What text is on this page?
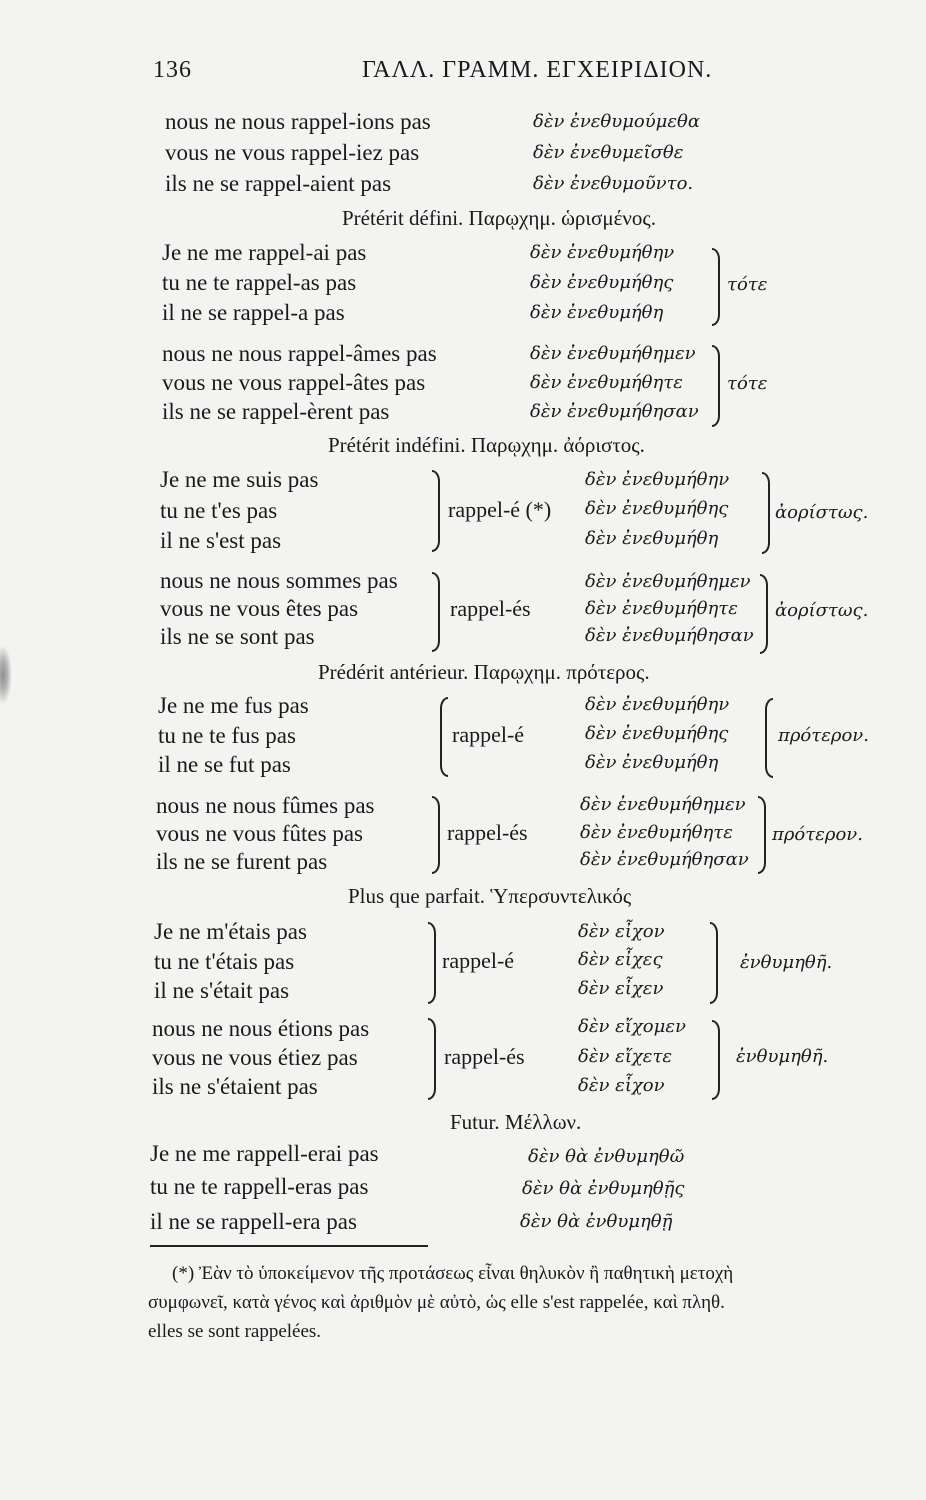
136	ΓΑΛΛ. ΓΡΑΜΜ. ΕΓΧΕΙΡΙΔΙΟΝ.
nous ne nous rappel-ions pas
vous ne vous rappel-iez pas
ils ne se rappel-aient pas
δὲν ἐνεθυμούμεθα
δὲν ἐνεθυμεῖσθε
δὲν ἐνεθυμοῦντο.
Prétérit défini. Παρῳχημ. ὡρισμένος.
Je ne me rappel-ai pas
tu ne te rappel-as pas
il ne se rappel-a pas
δὲν ἐνεθυμήθην
δὲν ἐνεθυμήθης
δὲν ἐνεθυμήθη
τότε
nous ne nous rappel-âmes pas
vous ne vous rappel-âtes pas
ils ne se rappel-èrent pas
δὲν ἐνεθυμήθημεν
δὲν ἐνεθυμήθητε
δὲν ἐνεθυμήθησαν
τότε
Prétérit indéfini. Παρῳχημ. ἀόριστος.
Je ne me suis pas
tu ne t'es pas
il ne s'est pas
rappel-é (*)
δὲν ἐνεθυμήθην
δὲν ἐνεθυμήθης
δὲν ἐνεθυμήθη
ἀορίστως.
nous ne nous sommes pas
vous ne vous êtes pas
ils ne se sont pas
rappel-és
δὲν ἐνεθυμήθημεν
δὲν ἐνεθυμήθητε
δὲν ἐνεθυμήθησαν
ἀορίστως.
Prédérit antérieur. Παρῳχημ. πρότερος.
Je ne me fus pas
tu ne te fus pas
il ne se fut pas
rappel-é
δὲν ἐνεθυμήθην
δὲν ἐνεθυμήθης
δὲν ἐνεθυμήθη
πρότερον.
nous ne nous fûmes pas
vous ne vous fûtes pas
ils ne se furent pas
rappel-és
δὲν ἐνεθυμήθημεν
δὲν ἐνεθυμήθητε
δὲν ἐνεθυμήθησαν
πρότερον.
Plus que parfait. Ὑπερσυντελικός
Je ne m'étais pas
tu ne t'étais pas
il ne s'était pas
rappel-é
δὲν εἶχον
δὲν εἶχες
δὲν εἶχεν
ἐνθυμηθῆ.
nous ne nous étions pas
vous ne vous étiez pas
ils ne s'étaient pas
rappel-és
δὲν εἴχομεν
δὲν εἴχετε
δὲν εἶχον
ἐνθυμηθῆ.
Futur. Μέλλων.
Je ne me rappell-erai pas
tu ne te rappell-eras pas
il ne se rappell-era pas
δὲν θὰ ἐνθυμηθῶ
δὲν θὰ ἐνθυμηθῇς
δὲν θὰ ἐνθυμηθῇ
(*) Ἐὰν τὸ ὑποκείμενον τῆς προτάσεως εἶναι θηλυκὸν ἢ παθητικὴ μετοχὴ
συμφωνεῖ, κατὰ γένος καὶ ἀριθμὸν μὲ αὐτὸ, ὡς elle s'est rappelée, καὶ πληθ.
elles se sont rappelées.
